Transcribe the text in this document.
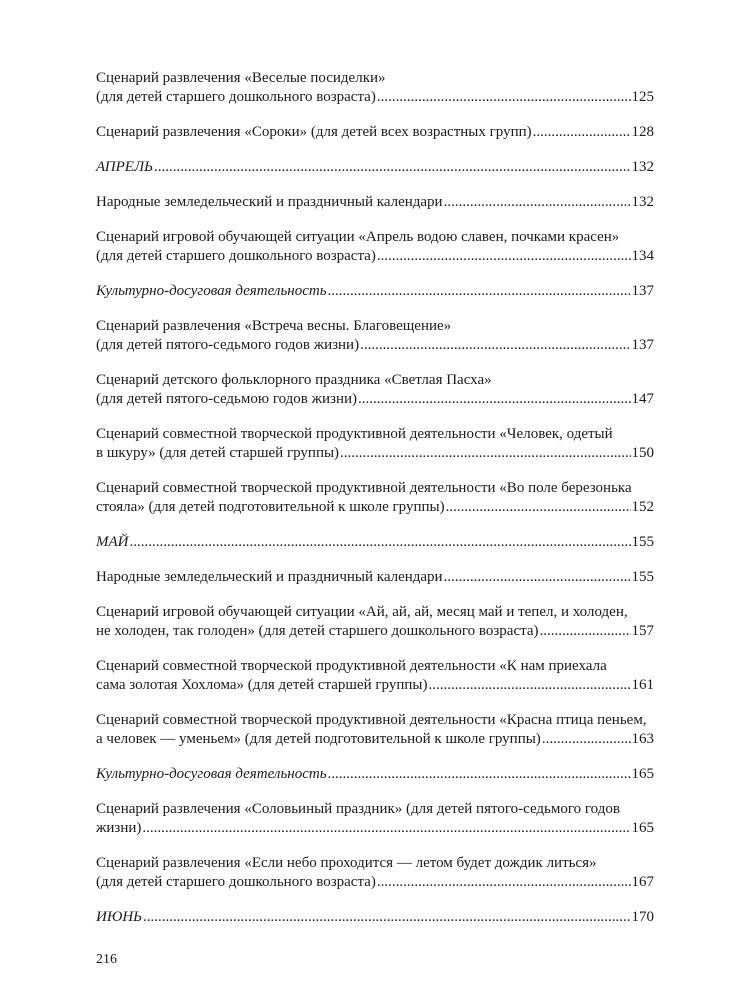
Сценарий развлечения «Веселые посиделки»
(для детей старшего дошкольного возраста) .....	125
Сценарий развлечения «Сороки» (для детей всех возрастных групп) .....	128
АПРЕЛЬ .....	132
Народные земледельческий и праздничный календари .....	132
Сценарий игровой обучающей ситуации «Апрель водою славен, почками красен»
(для детей старшего дошкольного возраста) .....	134
Культурно-досуговая деятельность .....	137
Сценарий развлечения «Встреча весны. Благовещение»
(для детей пятого-седьмого годов жизни) .....	137
Сценарий детского фольклорного праздника «Светлая Пасха»
(для детей пятого-седьмою годов жизни) .....	147
Сценарий совместной творческой продуктивной деятельности «Человек, одетый
в шкуру» (для детей старшей группы) .....	150
Сценарий совместной творческой продуктивной деятельности «Во поле березонька
стояла» (для детей подготовительной к школе группы) .....	152
МАЙ .....	155
Народные земледельческий и праздничный календари .....	155
Сценарий игровой обучающей ситуации «Ай, ай, ай, месяц май и тепел, и холоден,
не холоден, так голоден» (для детей старшего дошкольного возраста) .....	157
Сценарий совместной творческой продуктивной деятельности «К нам приехала
сама золотая Хохлома» (для детей старшей группы) .....	161
Сценарий совместной творческой продуктивной деятельности «Красна птица пеньем,
а человек — уменьем» (для детей подготовительной к школе группы) .....	163
Культурно-досуговая деятельность .....	165
Сценарий развлечения «Соловьиный праздник» (для детей пятого-седьмого годов
жизни) .....	165
Сценарий развлечения «Если небо проходится — летом будет дождик литься»
(для детей старшего дошкольного возраста) .....	167
ИЮНЬ .....	170
216
